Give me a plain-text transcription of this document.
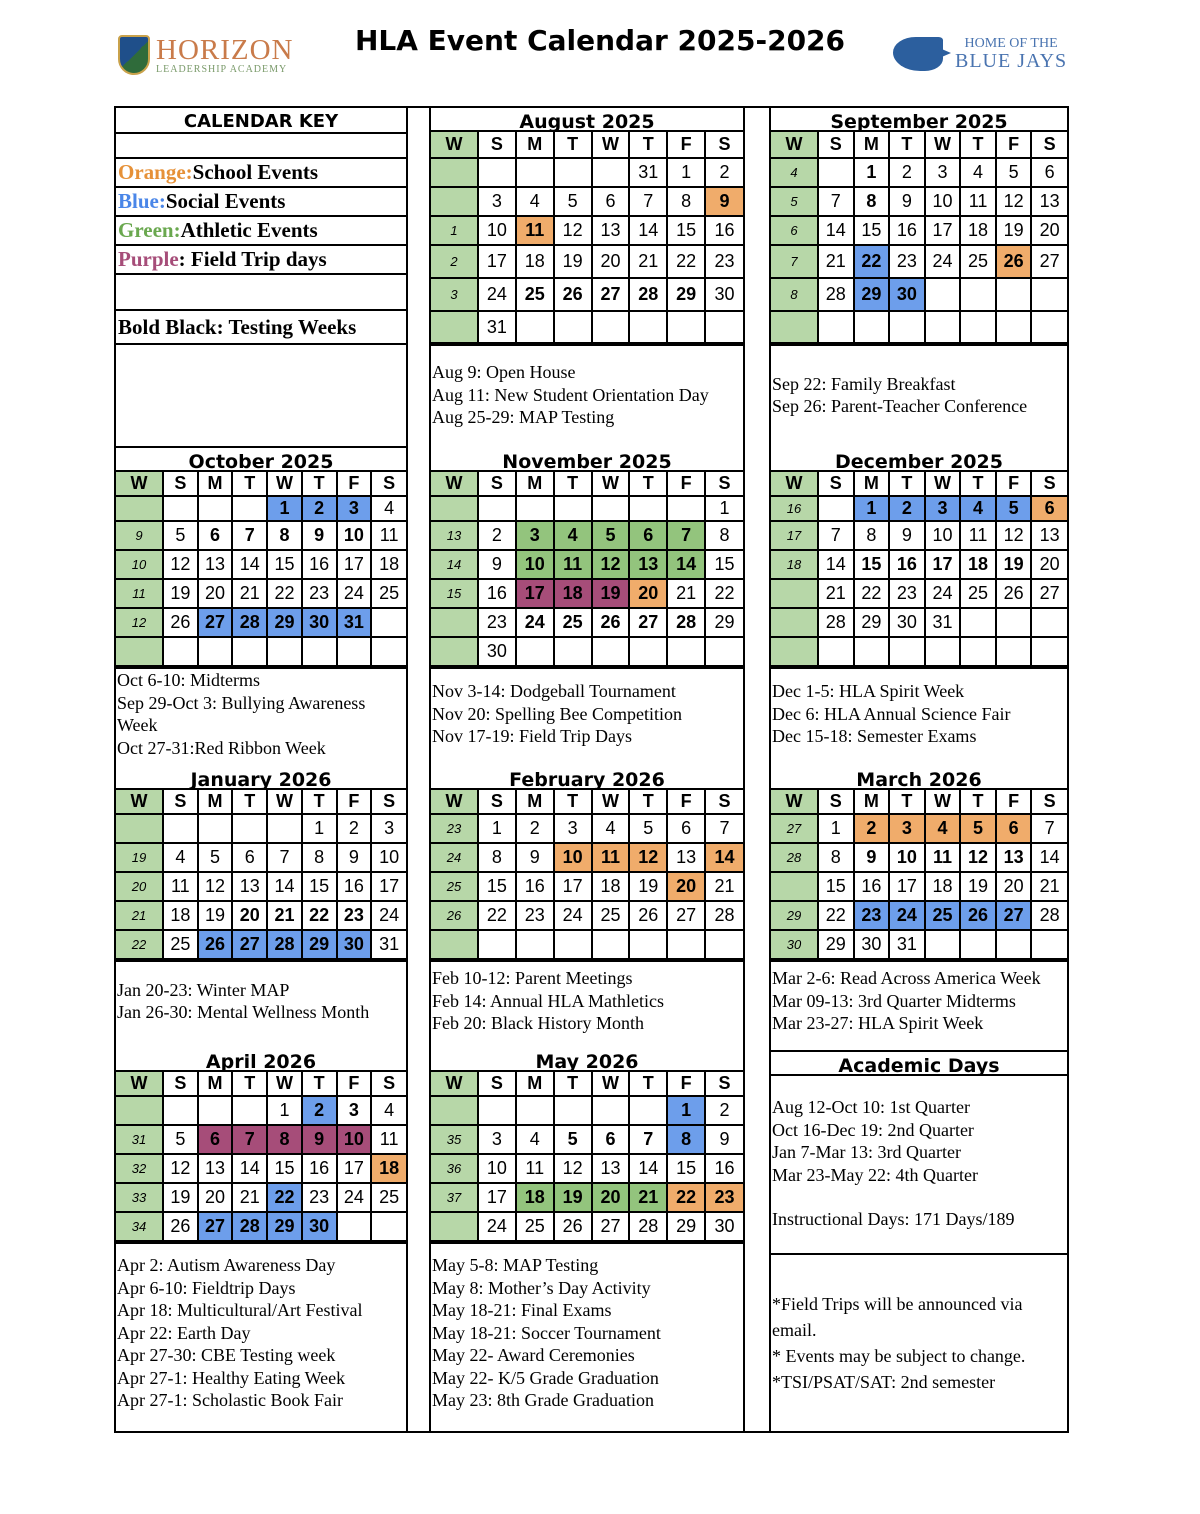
HLA Event Calendar 2025-2026
HORIZON
LEADERSHIP ACADEMY
HOME OF THE
BLUE JAYS
CALENDAR KEY
Orange: School Events
Blue: Social Events
Green: Athletic Events
Purple : Field Trip days
Bold Black: Testing Weeks
August 2025
W	S	M	T	W	T	F	S
					31	1	2
	3	4	5	6	7	8	9
1	10	11	12	13	14	15	16
2	17	18	19	20	21	22	23
3	24	25	26	27	28	29	30
	31						
Aug 9: Open House
Aug 11: New Student Orientation Day
Aug 25-29: MAP Testing
September 2025
W	S	M	T	W	T	F	S
4		1	2	3	4	5	6
5	7	8	9	10	11	12	13
6	14	15	16	17	18	19	20
7	21	22	23	24	25	26	27
8	28	29	30				

Sep 22: Family Breakfast
Sep 26: Parent-Teacher Conference
October 2025
W	S	M	T	W	T	F	S
				1	2	3	4
9	5	6	7	8	9	10	11
10	12	13	14	15	16	17	18
11	19	20	21	22	23	24	25
12	26	27	28	29	30	31	

Oct 6-10: Midterms
Sep 29-Oct 3: Bullying Awareness Week
Oct 27-31:Red Ribbon Week
November 2025
W	S	M	T	W	T	F	S
							1
13	2	3	4	5	6	7	8
14	9	10	11	12	13	14	15
15	16	17	18	19	20	21	22
	23	24	25	26	27	28	29
	30						
Nov 3-14: Dodgeball Tournament
Nov 20: Spelling Bee Competition
Nov 17-19: Field Trip Days
December 2025
W	S	M	T	W	T	F	S
16		1	2	3	4	5	6
17	7	8	9	10	11	12	13
18	14	15	16	17	18	19	20
	21	22	23	24	25	26	27
	28	29	30	31			

Dec 1-5: HLA Spirit Week
Dec 6: HLA Annual Science Fair
Dec 15-18: Semester Exams
January 2026
W	S	M	T	W	T	F	S
					1	2	3
19	4	5	6	7	8	9	10
20	11	12	13	14	15	16	17
21	18	19	20	21	22	23	24
22	25	26	27	28	29	30	31
Jan 20-23: Winter MAP
Jan 26-30: Mental Wellness Month
February 2026
W	S	M	T	W	T	F	S
23	1	2	3	4	5	6	7
24	8	9	10	11	12	13	14
25	15	16	17	18	19	20	21
26	22	23	24	25	26	27	28

Feb 10-12: Parent Meetings
Feb 14: Annual HLA Mathletics
Feb 20: Black History Month
March 2026
W	S	M	T	W	T	F	S
27	1	2	3	4	5	6	7
28	8	9	10	11	12	13	14
	15	16	17	18	19	20	21
29	22	23	24	25	26	27	28
30	29	30	31				
Mar 2-6: Read Across America Week
Mar 09-13: 3rd Quarter Midterms
Mar 23-27: HLA Spirit Week
April 2026
W	S	M	T	W	T	F	S
				1	2	3	4
31	5	6	7	8	9	10	11
32	12	13	14	15	16	17	18
33	19	20	21	22	23	24	25
34	26	27	28	29	30		
Apr 2: Autism Awareness Day
Apr 6-10: Fieldtrip Days
Apr 18: Multicultural/Art Festival
Apr 22: Earth Day
Apr 27-30: CBE Testing week
Apr 27-1: Healthy Eating Week
Apr 27-1: Scholastic Book Fair
May 2026
W	S	M	T	W	T	F	S
						1	2
35	3	4	5	6	7	8	9
36	10	11	12	13	14	15	16
37	17	18	19	20	21	22	23
	24	25	26	27	28	29	30
May 5-8: MAP Testing
May 8: Mother’s Day Activity
May 18-21: Final Exams
May 18-21: Soccer Tournament
May 22- Award Ceremonies
May 22- K/5 Grade Graduation
May 23: 8th Grade Graduation
Academic Days
Aug 12-Oct 10: 1st Quarter
Oct 16-Dec 19: 2nd Quarter
Jan 7-Mar 13: 3rd Quarter
Mar 23-May 22: 4th Quarter
Instructional Days: 171 Days/189
*Field Trips will be announced via email.
* Events may be subject to change.
*TSI/PSAT/SAT: 2nd semester
